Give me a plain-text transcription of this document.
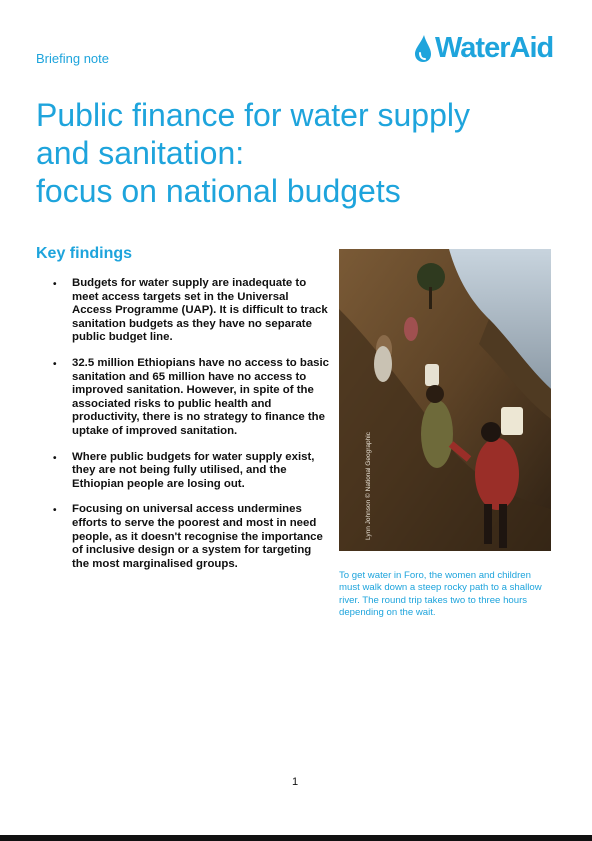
Briefing note	WaterAid
Public finance for water supply
and sanitation:
focus on national budgets
Key findings
• Budgets for water supply are inadequate to meet access targets set in the Universal Access Programme (UAP). It is difficult to track sanitation budgets as they have no separate public budget line.
• 32.5 million Ethiopians have no access to basic sanitation and 65 million have no access to improved sanitation. However, in spite of the associated risks to public health and productivity, there is no strategy to finance the uptake of improved sanitation.
• Where public budgets for water supply exist, they are not being fully utilised, and the Ethiopian people are losing out.
• Focusing on universal access undermines efforts to serve the poorest and most in need people, as it doesn't recognise the importance of inclusive design or a system for targeting the most marginalised groups.
Lynn Johnson © National Geographic

To get water in Foro, the women and children must walk down a steep rocky path to a shallow river. The round trip takes two to three hours depending on the wait.

1
